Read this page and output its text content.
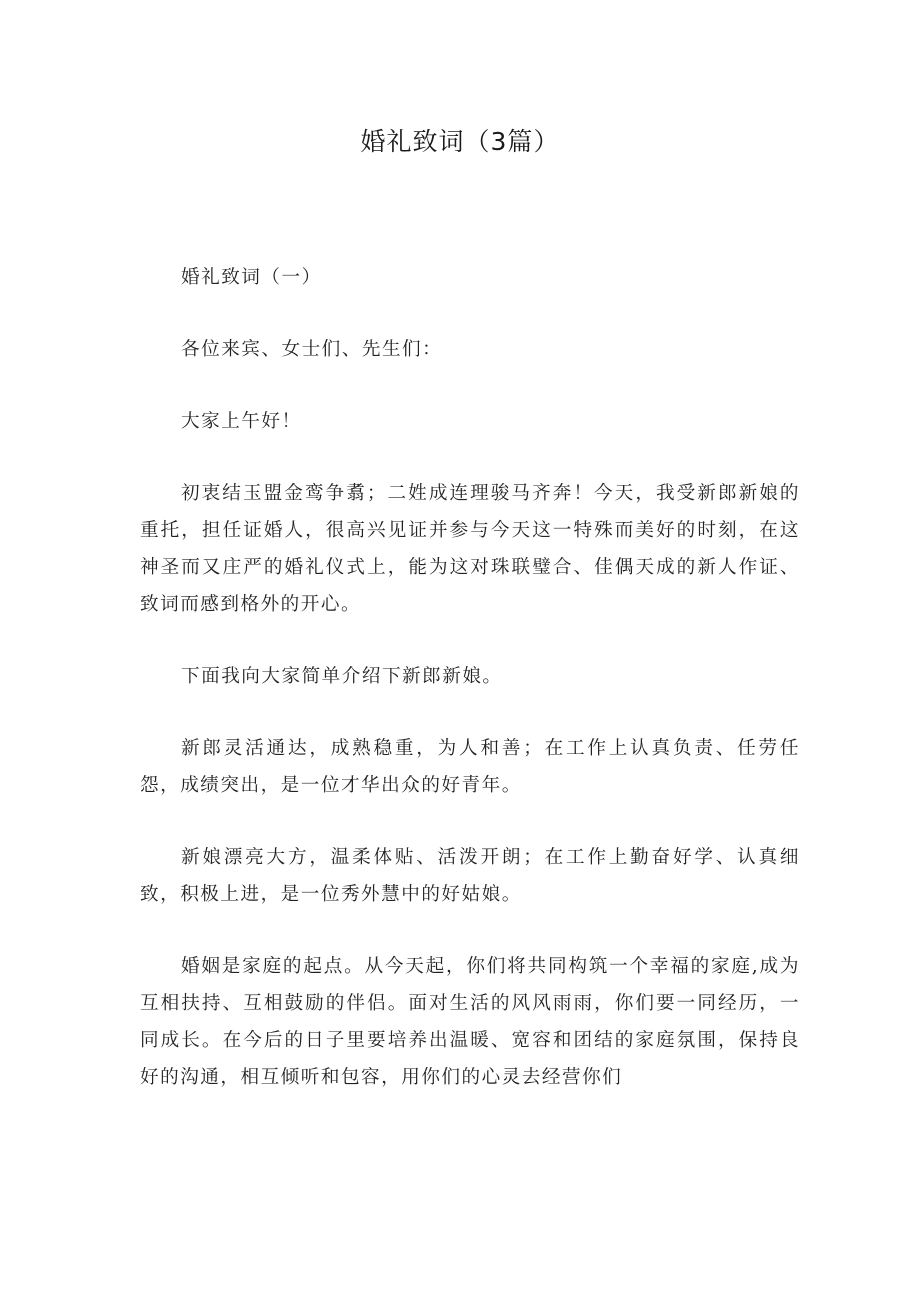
婚礼致词（3篇）

婚礼致词（一）

各位来宾、女士们、先生们：

大家上午好！

初衷结玉盟金鸾争翥；二姓成连理骏马齐奔！今天，我受新郎新娘的重托，担任证婚人，很高兴见证并参与今天这一特殊而美好的时刻，在这神圣而又庄严的婚礼仪式上，能为这对珠联璧合、佳偶天成的新人作证、致词而感到格外的开心。

下面我向大家简单介绍下新郎新娘。

新郎灵活通达，成熟稳重，为人和善；在工作上认真负责、任劳任怨，成绩突出，是一位才华出众的好青年。

新娘漂亮大方，温柔体贴、活泼开朗；在工作上勤奋好学、认真细致，积极上进，是一位秀外慧中的好姑娘。

婚姻是家庭的起点。从今天起，你们将共同构筑一个幸福的家庭,成为互相扶持、互相鼓励的伴侣。面对生活的风风雨雨，你们要一同经历，一同成长。在今后的日子里要培养出温暖、宽容和团结的家庭氛围，保持良好的沟通，相互倾听和包容，用你们的心灵去经营你们
